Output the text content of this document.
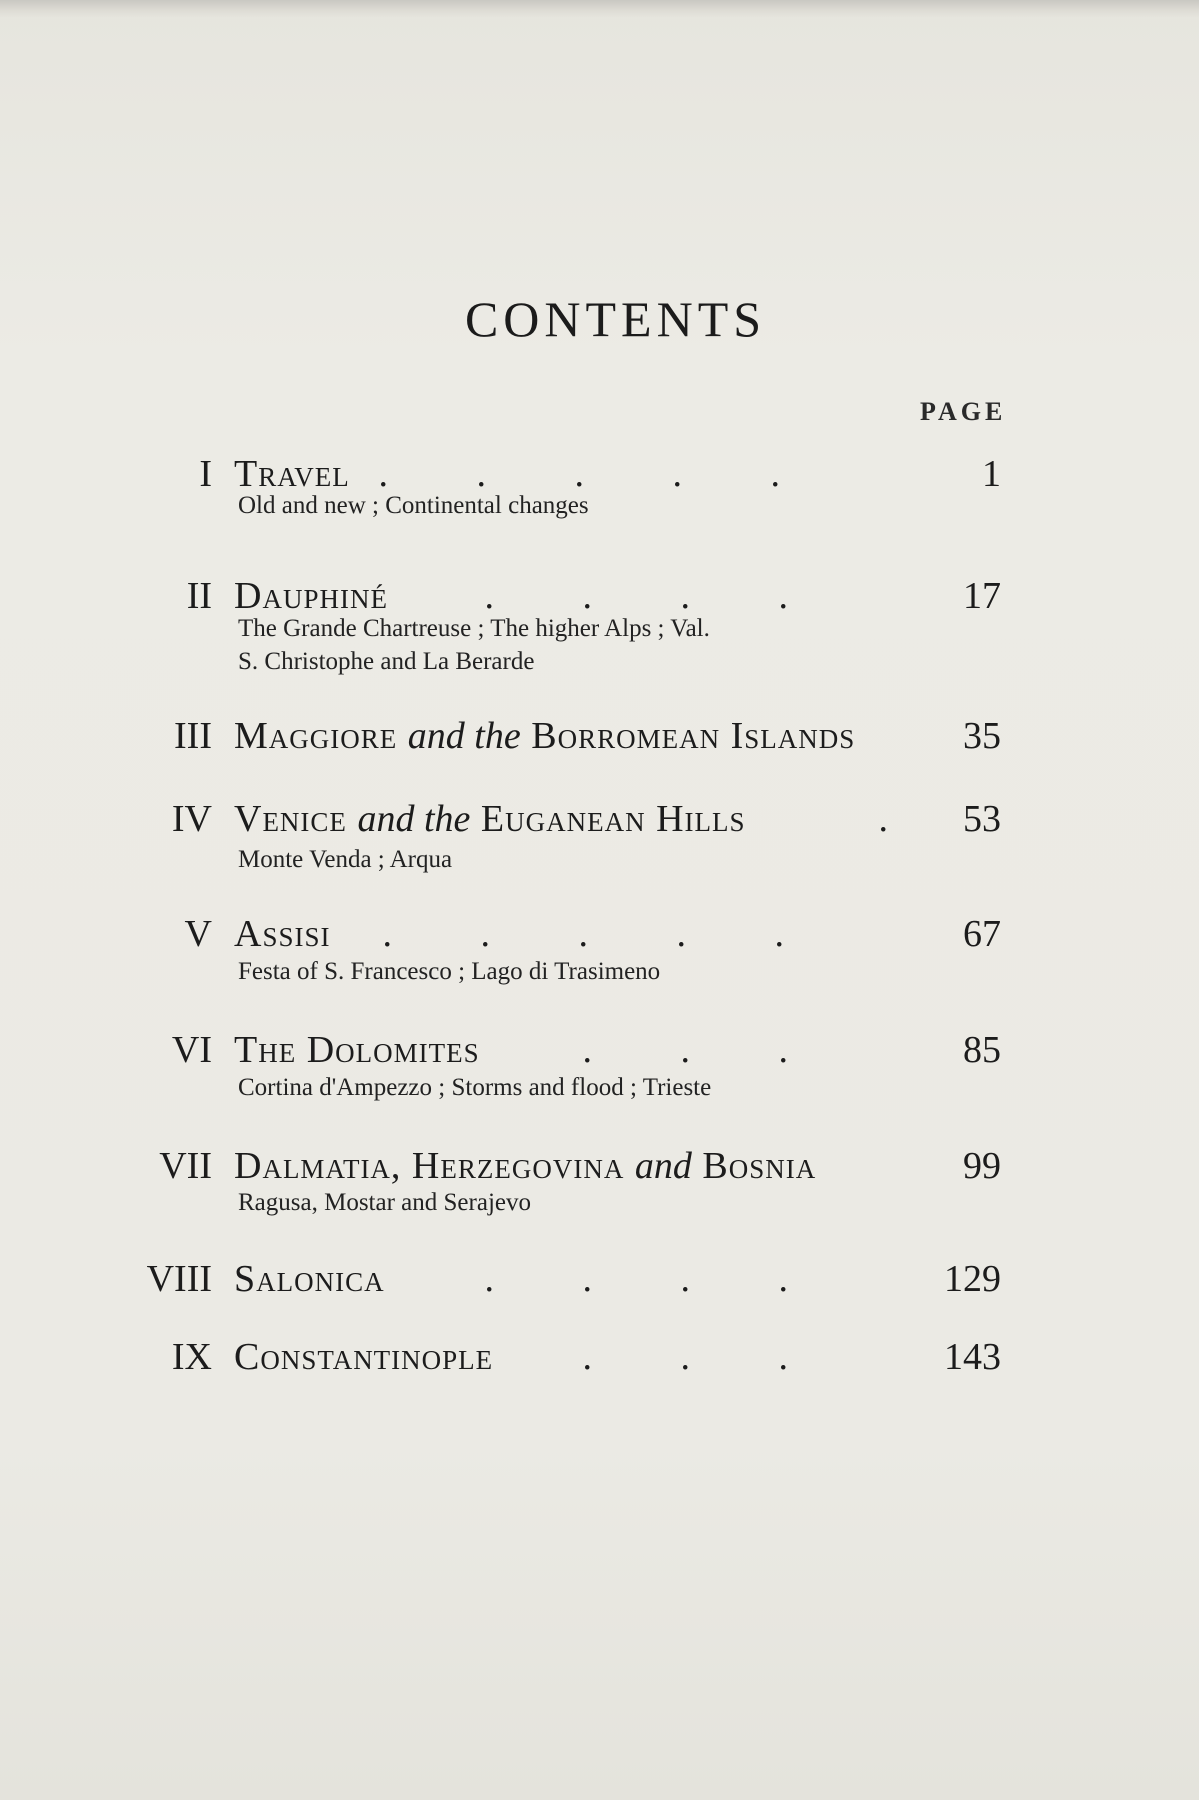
CONTENTS
PAGE
I Travel . . . . .	1
Old and new ; Continental changes
II Dauphiné	. . . .	17
The Grande Chartreuse ; The higher Alps ; Val.
S. Christophe and La Berarde
III Maggiore and the Borromean Islands	35
IV Venice and the Euganean Hills	. 53
Monte Venda ; Arqua
V Assisi	. . . . .	67
Festa of S. Francesco ; Lago di Trasimeno
VI The Dolomites	. . .	85
Cortina d'Ampezzo ; Storms and flood ; Trieste
VII Dalmatia, Herzegovina and Bosnia	99
Ragusa, Mostar and Serajevo
VIII Salonica	. . . .	129
IX Constantinople	. . .	143
